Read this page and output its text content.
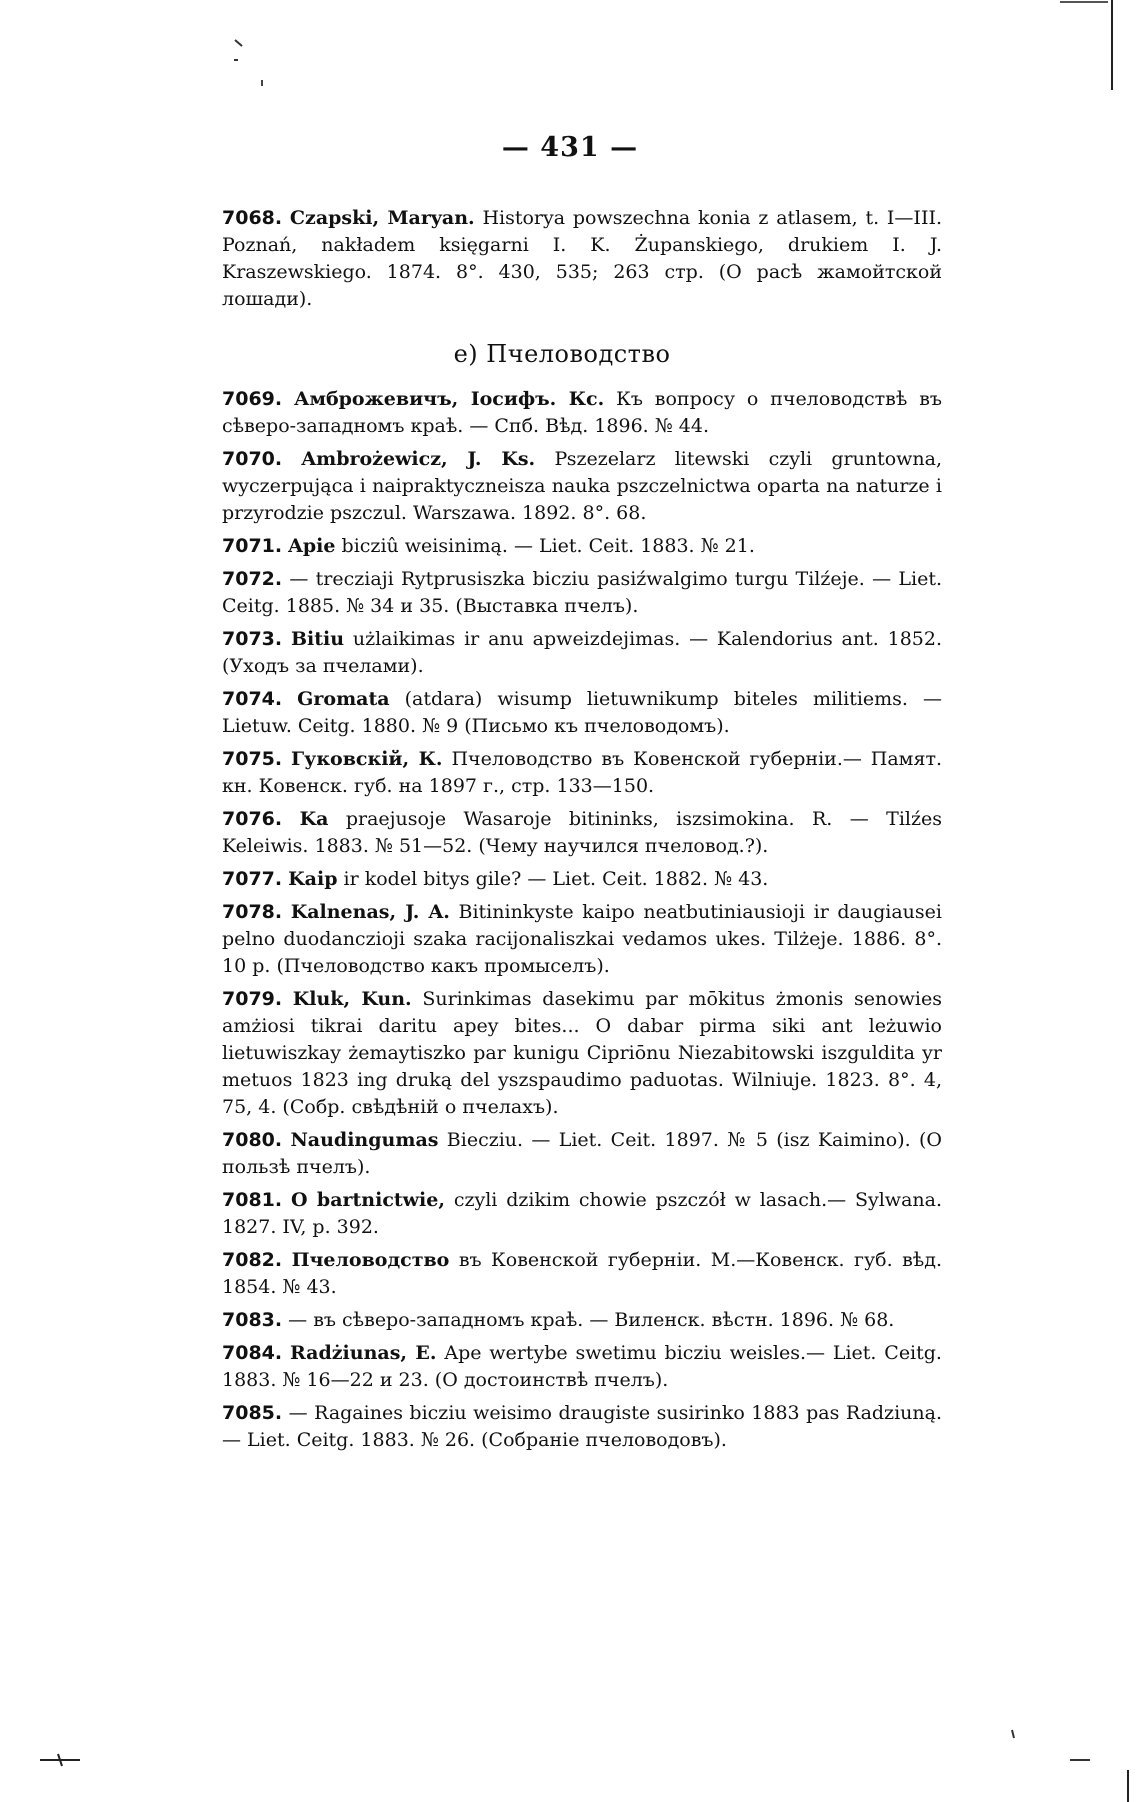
— 431 —

7068. Czapski, Maryan. Historya powszechna konia z atlasem, t. I—III. Poznań, nakładem księgarni I. K. Żupanskiego, drukiem I. J. Kraszewskiego. 1874. 8°. 430, 535; 263 стр. (О расѣ жамойтской лошади).

e) Пчеловодство

7069. Амброжевичъ, Іосифъ. Кс. Къ вопросу о пчеловодствѣ въ сѣверо-западномъ краѣ. — Спб. Вѣд. 1896. № 44.

7070. Ambrożewicz, J. Ks. Pszezelarz litewski czyli gruntowna, wyczerpująca i naipraktyczneisza nauka pszczelnictwa oparta na naturze i przyrodzie pszczul. Warszawa. 1892. 8°. 68.

7071. Apie bicziû weisinimą. — Liet. Ceit. 1883. № 21.

7072. — trecziaji Rytprusiszka bicziu pasiźwalgimo turgu Tilźeje. — Liet. Ceitg. 1885. № 34 и 35. (Выставка пчелъ).

7073. Bitiu użlaikimas ir anu apweizdejimas. — Kalendorius ant. 1852. (Уходъ за пчелами).

7074. Gromata (atdara) wisump lietuwnikump biteles militiems. — Lietuw. Ceitg. 1880. № 9 (Письмо къ пчеловодомъ).

7075. Гуковскій, К. Пчеловодство въ Ковенской губерніи.— Памят. кн. Ковенск. губ. на 1897 г., стр. 133—150.

7076. Ka praejusoje Wasaroje bitininks, iszsimokina. R. — Tilźes Keleiwis. 1883. № 51—52. (Чему научился пчеловод.?).

7077. Kaip ir kodel bitys gile? — Liet. Ceit. 1882. № 43.

7078. Kalnenas, J. A. Bitininkyste kaipo neatbutiniausioji ir daugiausei pelno duodanczioji szaka racijonaliszkai vedamos ukes. Tilżeje. 1886. 8°. 10 p. (Пчеловодство какъ промыселъ).

7079. Kluk, Kun. Surinkimas dasekimu par mōkitus żmonis senowies amżiosi tikrai daritu apey bites... O dabar pirma siki ant leżuwio lietuwiszkay żemaytiszko par kunigu Cipriōnu Niezabitowski iszguldita yr metuos 1823 ing druką del yszspaudimo paduotas. Wilniuje. 1823. 8°. 4, 75, 4. (Собр. свѣдѣній о пчелахъ).

7080. Naudingumas Biecziu. — Liet. Ceit. 1897. № 5 (isz Kaimino). (О пользѣ пчелъ).

7081. O bartnictwie, czyli dzikim chowie pszczół w lasach.— Sylwana. 1827. IV, p. 392.

7082. Пчеловодство въ Ковенской губерніи. М.—Ковенск. губ. вѣд. 1854. № 43.

7083. — въ сѣверо-западномъ краѣ. — Виленск. вѣстн. 1896. № 68.

7084. Radżiunas, E. Ape wertybe swetimu bicziu weisles.— Liet. Ceitg. 1883. № 16—22 и 23. (О достоинствѣ пчелъ).

7085. — Ragaines bicziu weisimo draugiste susirinko 1883 pas Radziuną. — Liet. Ceitg. 1883. № 26. (Собраніе пчеловодовъ).
